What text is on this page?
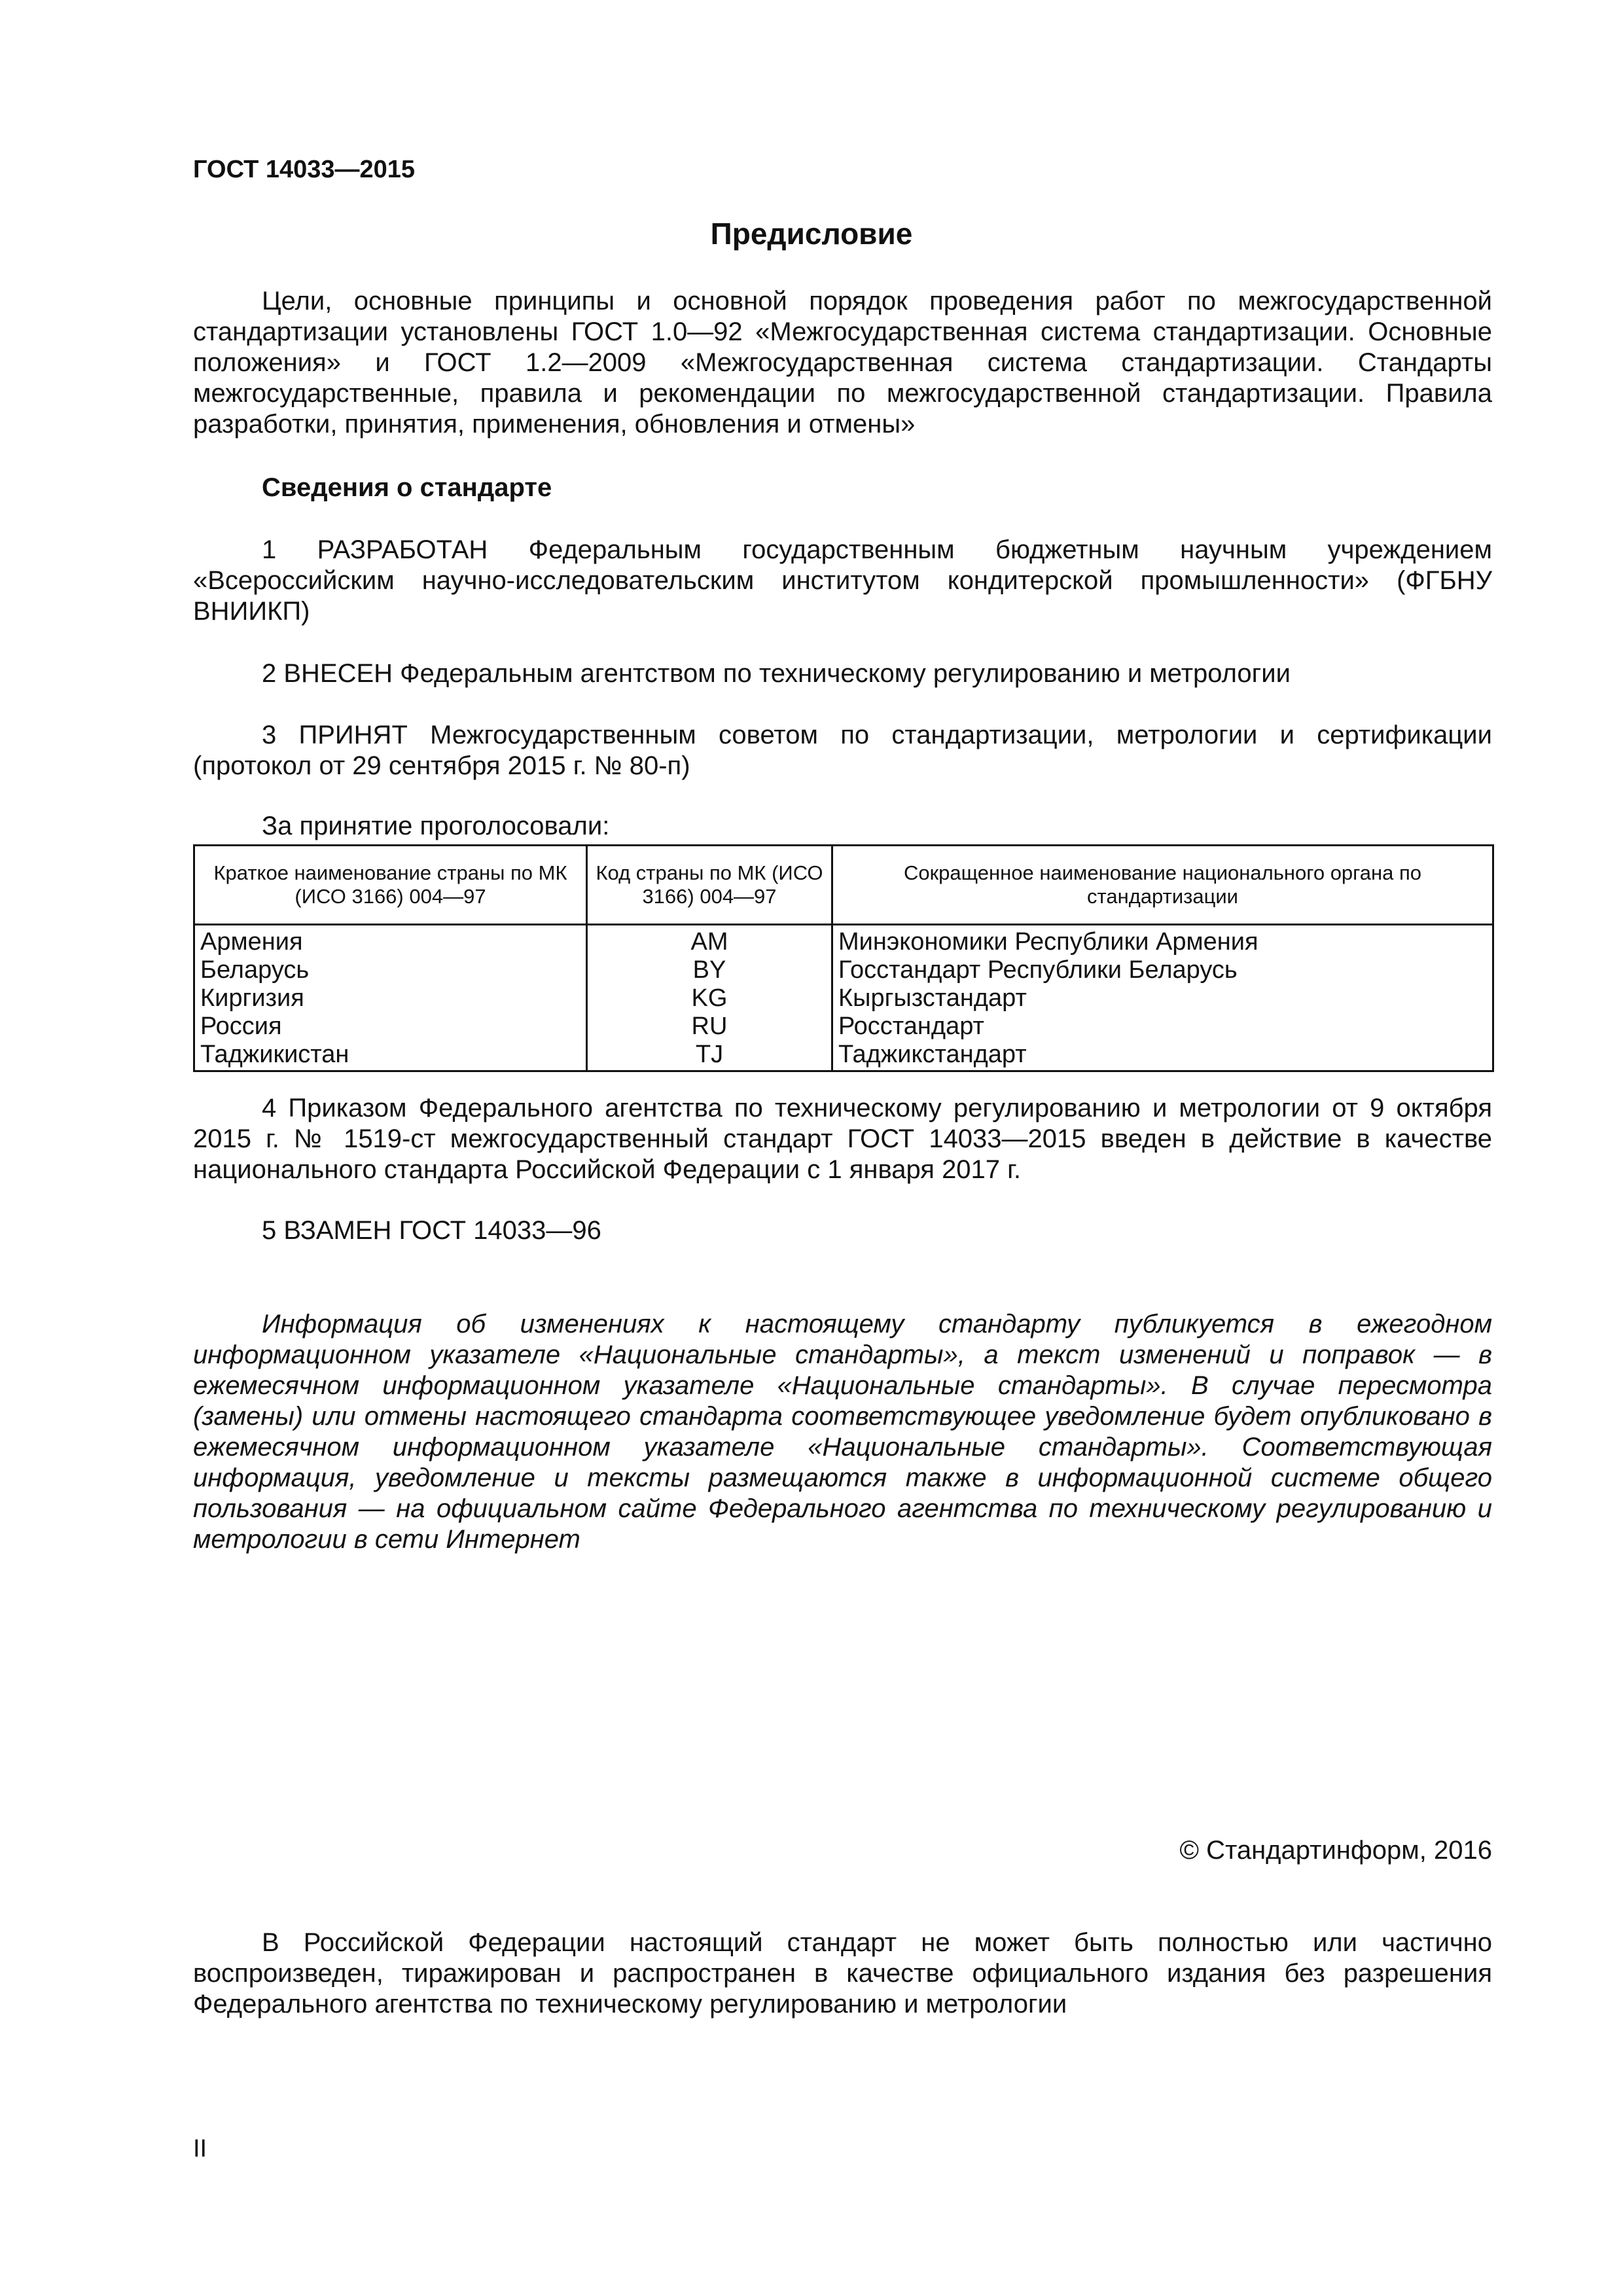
ГОСТ 14033—2015
Предисловие

Цели, основные принципы и основной порядок проведения работ по межгосударственной стандартизации установлены ГОСТ 1.0—92 «Межгосударственная система стандартизации. Основные положения» и ГОСТ 1.2—2009 «Межгосударственная система стандартизации. Стандарты межгосударственные, правила и рекомендации по межгосударственной стандартизации. Правила разработки, принятия, применения, обновления и отмены»

Сведения о стандарте

1 РАЗРАБОТАН Федеральным государственным бюджетным научным учреждением «Всероссийским научно-исследовательским институтом кондитерской промышленности» (ФГБНУ ВНИИКП)

2 ВНЕСЕН Федеральным агентством по техническому регулированию и метрологии

3 ПРИНЯТ Межгосударственным советом по стандартизации, метрологии и сертификации (протокол от 29 сентября 2015 г. № 80-п)

За принятие проголосовали:
Краткое наименование страны по МК (ИСО 3166) 004—97	Код страны по МК (ИСО 3166) 004—97	Сокращенное наименование национального органа по стандартизации
Армения	AM	Минэкономики Республики Армения
Беларусь	BY	Госстандарт Республики Беларусь
Киргизия	KG	Кыргызстандарт
Россия	RU	Росстандарт
Таджикистан	TJ	Таджикстандарт

4 Приказом Федерального агентства по техническому регулированию и метрологии от 9 октября 2015 г. № 1519-ст межгосударственный стандарт ГОСТ 14033—2015 введен в действие в качестве национального стандарта Российской Федерации с 1 января 2017 г.

5 ВЗАМЕН ГОСТ 14033—96

Информация об изменениях к настоящему стандарту публикуется в ежегодном информационном указателе «Национальные стандарты», а текст изменений и поправок — в ежемесячном информационном указателе «Национальные стандарты». В случае пересмотра (замены) или отмены настоящего стандарта соответствующее уведомление будет опубликовано в ежемесячном информационном указателе «Национальные стандарты». Соответствующая информация, уведомление и тексты размещаются также в информационной системе общего пользования — на официальном сайте Федерального агентства по техническому регулированию и метрологии в сети Интернет

© Стандартинформ, 2016

В Российской Федерации настоящий стандарт не может быть полностью или частично воспроизведен, тиражирован и распространен в качестве официального издания без разрешения Федерального агентства по техническому регулированию и метрологии

II
